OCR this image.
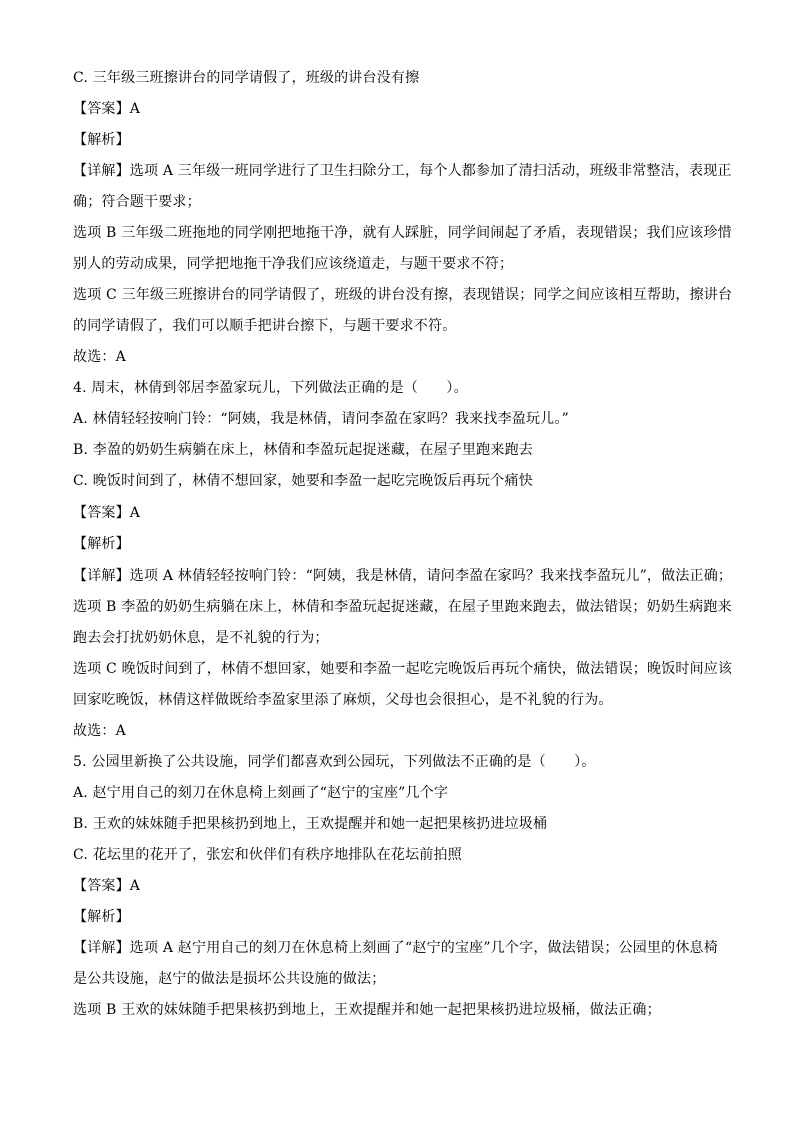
C. 三年级三班擦讲台的同学请假了，班级的讲台没有擦
【答案】A
【解析】
【详解】选项 A 三年级一班同学进行了卫生扫除分工，每个人都参加了清扫活动，班级非常整洁，表现正
确；符合题干要求；
选项 B 三年级二班拖地的同学刚把地拖干净，就有人踩脏，同学间闹起了矛盾，表现错误；我们应该珍惜
别人的劳动成果，同学把地拖干净我们应该绕道走，与题干要求不符；
选项 C 三年级三班擦讲台的同学请假了，班级的讲台没有擦，表现错误；同学之间应该相互帮助，擦讲台
的同学请假了，我们可以顺手把讲台擦下，与题干要求不符。
故选：A
4. 周末，林倩到邻居李盈家玩儿，下列做法正确的是（　　）。
A. 林倩轻轻按响门铃：“阿姨，我是林倩，请问李盈在家吗？我来找李盈玩儿。”
B. 李盈的奶奶生病躺在床上，林倩和李盈玩起捉迷藏，在屋子里跑来跑去
C. 晚饭时间到了，林倩不想回家，她要和李盈一起吃完晚饭后再玩个痛快
【答案】A
【解析】
【详解】选项 A 林倩轻轻按响门铃：“阿姨，我是林倩，请问李盈在家吗？我来找李盈玩儿”，做法正确；
选项 B 李盈的奶奶生病躺在床上，林倩和李盈玩起捉迷藏，在屋子里跑来跑去，做法错误；奶奶生病跑来
跑去会打扰奶奶休息，是不礼貌的行为；
选项 C 晚饭时间到了，林倩不想回家，她要和李盈一起吃完晚饭后再玩个痛快，做法错误；晚饭时间应该
回家吃晚饭，林倩这样做既给李盈家里添了麻烦，父母也会很担心，是不礼貌的行为。
故选：A
5. 公园里新换了公共设施，同学们都喜欢到公园玩，下列做法不正确的是（　　）。
A. 赵宁用自己的刻刀在休息椅上刻画了“赵宁的宝座”几个字
B. 王欢的妹妹随手把果核扔到地上，王欢提醒并和她一起把果核扔进垃圾桶
C. 花坛里的花开了，张宏和伙伴们有秩序地排队在花坛前拍照
【答案】A
【解析】
【详解】选项 A 赵宁用自己的刻刀在休息椅上刻画了“赵宁的宝座”几个字，做法错误；公园里的休息椅
是公共设施，赵宁的做法是损坏公共设施的做法；
选项 B 王欢的妹妹随手把果核扔到地上，王欢提醒并和她一起把果核扔进垃圾桶，做法正确；
